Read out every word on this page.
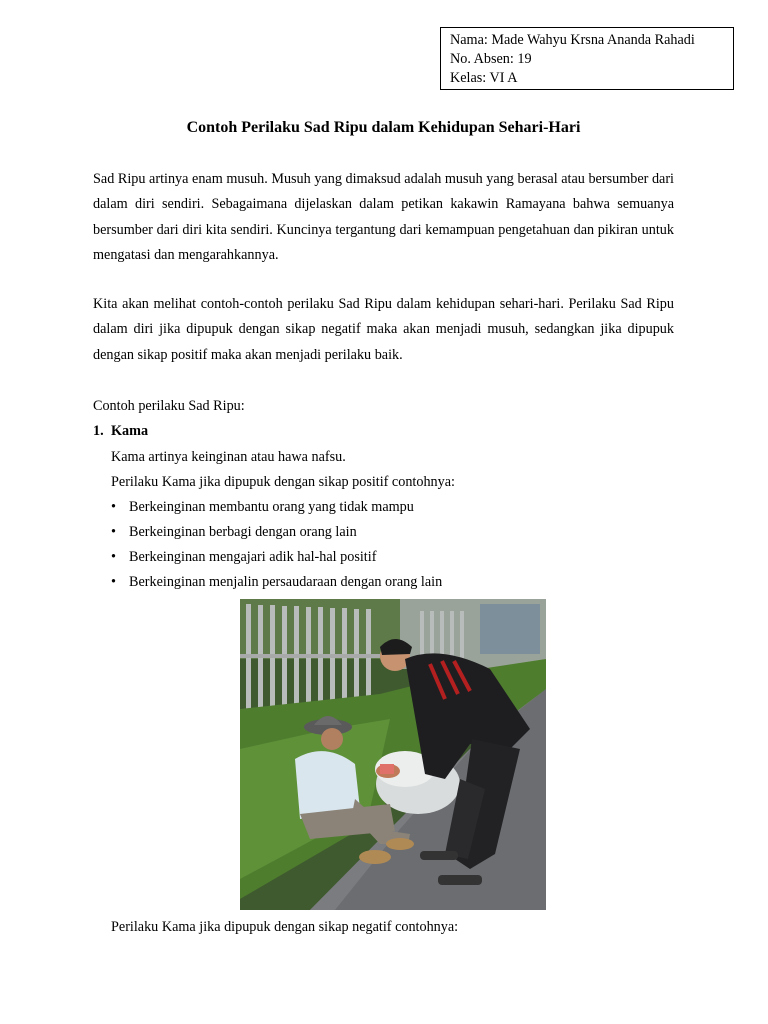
Nama: Made Wahyu Krsna Ananda Rahadi
No. Absen: 19
Kelas: VI A
Contoh Perilaku Sad Ripu dalam Kehidupan Sehari-Hari
Sad Ripu artinya enam musuh. Musuh yang dimaksud adalah musuh yang berasal atau bersumber dari dalam diri sendiri. Sebagaimana dijelaskan dalam petikan kakawin Ramayana bahwa semuanya bersumber dari diri kita sendiri. Kuncinya tergantung dari kemampuan pengetahuan dan pikiran untuk mengatasi dan mengarahkannya.
Kita akan melihat contoh-contoh perilaku Sad Ripu dalam kehidupan sehari-hari. Perilaku Sad Ripu dalam diri jika dipupuk dengan sikap negatif maka akan menjadi musuh, sedangkan jika dipupuk dengan sikap positif maka akan menjadi perilaku baik.
Contoh perilaku Sad Ripu:
1. Kama
Kama artinya keinginan atau hawa nafsu.
Perilaku Kama jika dipupuk dengan sikap positif contohnya:
• Berkeinginan membantu orang yang tidak mampu
• Berkeinginan berbagi dengan orang lain
• Berkeinginan mengajari adik hal-hal positif
• Berkeinginan menjalin persaudaraan dengan orang lain
Perilaku Kama jika dipupuk dengan sikap negatif contohnya:
